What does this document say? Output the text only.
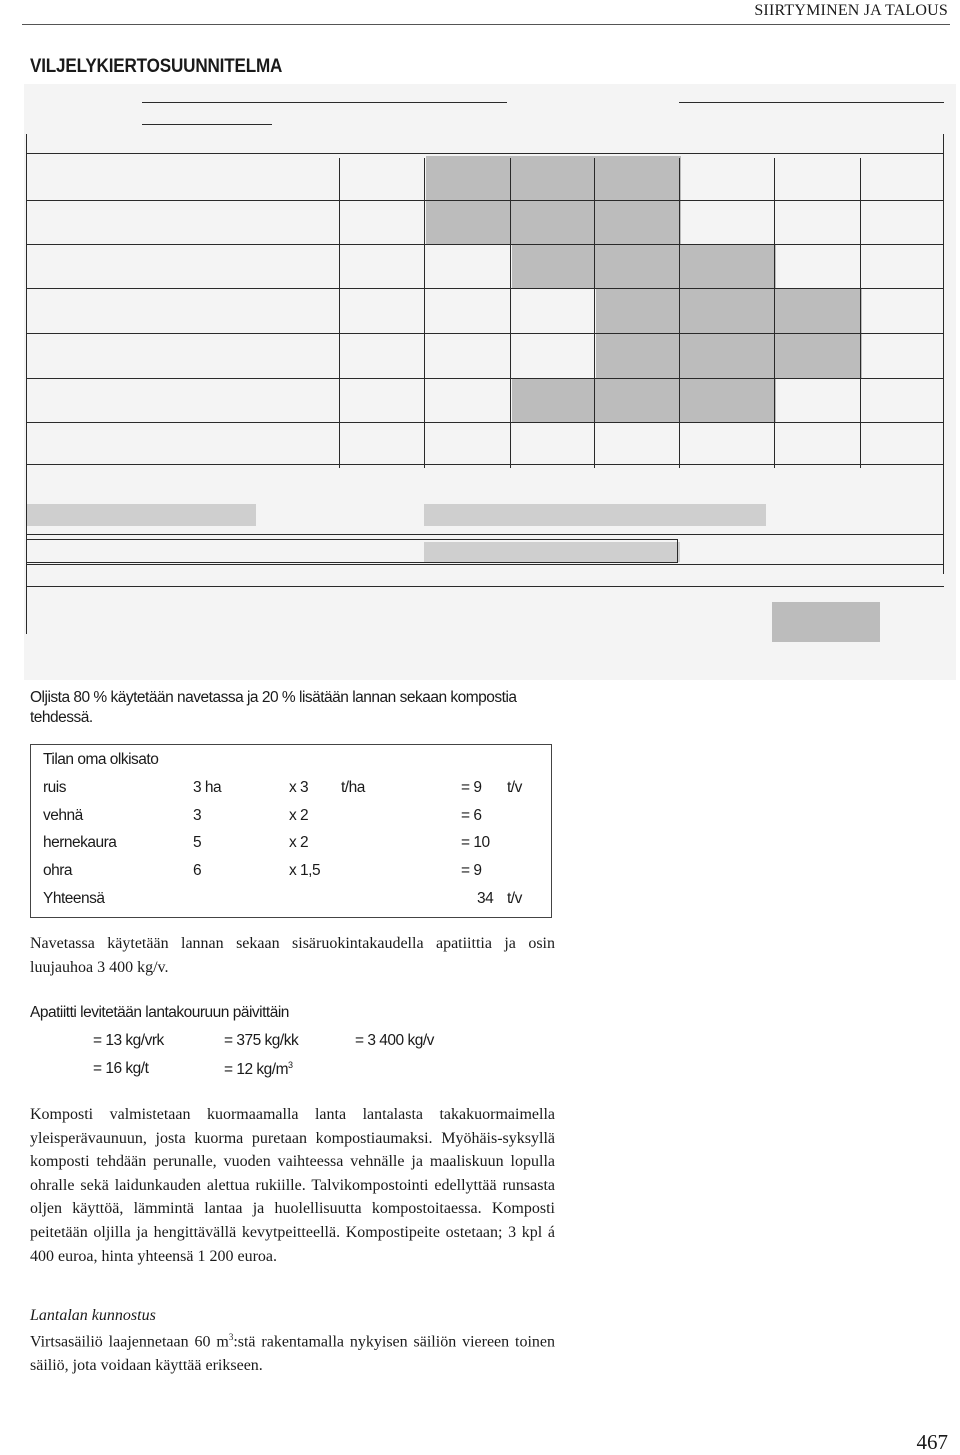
SIIRTYMINEN JA TALOUS
VILJELYKIERTOSUUNNITELMA
Oljista 80 % käytetään navetassa ja 20 % lisätään lannan sekaan kompostia tehdessä.
Tilan oma olkisato
ruis	3 ha	x 3 t/ha	= 9 t/v
vehnä	3	x 2	= 6
hernekaura	5	x 2	= 10
ohra	6	x 1,5	= 9
Yhteensä	34 t/v
Navetassa käytetään lannan sekaan sisäruokintakaudella apatiittia ja osin luujauhoa 3 400 kg/v.
Apatiitti levitetään lantakouruun päivittäin
= 13 kg/vrk	= 375 kg/kk	= 3 400 kg/v
= 16 kg/t	= 12 $kg/m^3$
Komposti valmistetaan kuormaamalla lanta lantalasta takakuormaimella yleisperävaunuun, josta kuorma puretaan kompostiaumaksi. Myöhäis-syksyllä komposti tehdään perunalle, vuoden vaihteessa vehnälle ja maaliskuun lopulla ohralle sekä laidunkauden alettua rukiille. Talvikompostointi edellyttää runsasta oljen käyttöä, lämmintä lantaa ja huolellisuutta kompostoitaessa. Komposti peitetään oljilla ja hengittävällä kevytpeitteellä. Kompostipeite ostetaan; 3 kpl á 400 euroa, hinta yhteensä 1 200 euroa.
Lantalan kunnostus
Virtsasäiliö laajennetaan 60 $m^3:stä$ rakentamalla nykyisen säiliön viereen toinen säiliö, jota voidaan käyttää erikseen.
467
